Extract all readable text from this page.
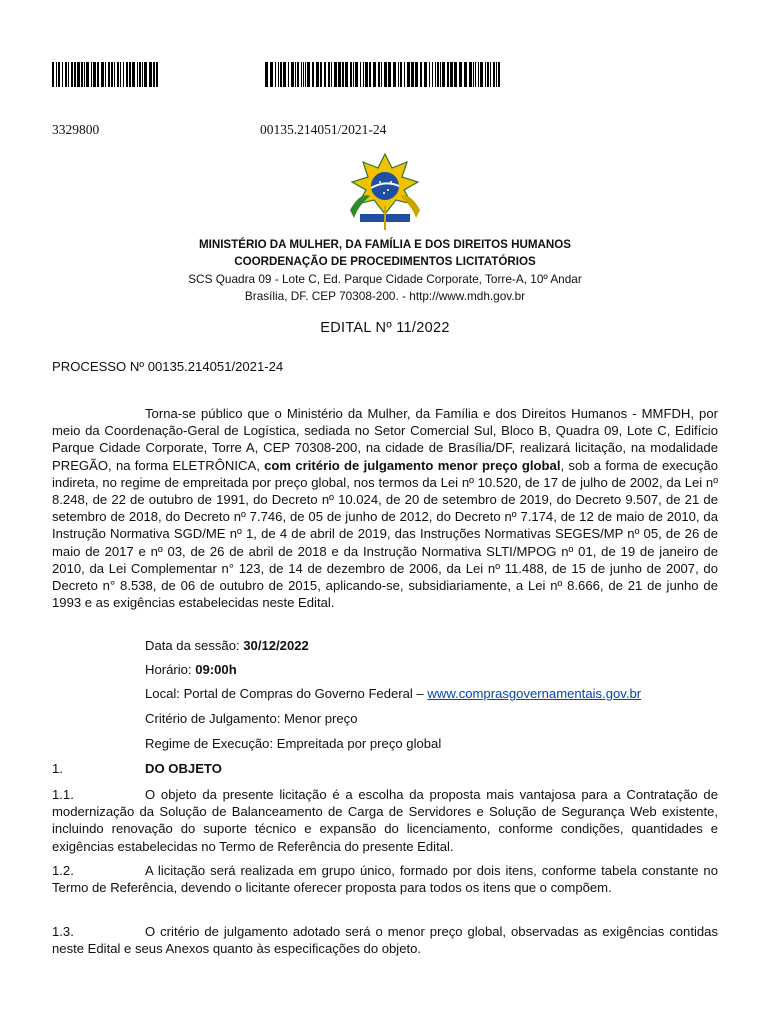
3329800	00135.214051/2021-24
MINISTÉRIO DA MULHER, DA FAMÍLIA E DOS DIREITOS HUMANOS
COORDENAÇÃO DE PROCEDIMENTOS LICITATÓRIOS
SCS Quadra 09 - Lote C, Ed. Parque Cidade Corporate, Torre-A, 10º Andar
Brasília, DF. CEP 70308-200. - http://www.mdh.gov.br
EDITAL Nº 11/2022
PROCESSO Nº 00135.214051/2021-24
Torna-se público que o Ministério da Mulher, da Família e dos Direitos Humanos - MMFDH, por meio da Coordenação-Geral de Logística, sediada no Setor Comercial Sul, Bloco B, Quadra 09, Lote C, Edifício Parque Cidade Corporate, Torre A, CEP 70308-200, na cidade de Brasília/DF, realizará licitação, na modalidade PREGÃO, na forma ELETRÔNICA, com critério de julgamento menor preço global, sob a forma de execução indireta, no regime de empreitada por preço global, nos termos da Lei nº 10.520, de 17 de julho de 2002, da Lei nº 8.248, de 22 de outubro de 1991, do Decreto nº 10.024, de 20 de setembro de 2019, do Decreto 9.507, de 21 de setembro de 2018, do Decreto nº 7.746, de 05 de junho de 2012, do Decreto nº 7.174, de 12 de maio de 2010, da Instrução Normativa SGD/ME nº 1, de 4 de abril de 2019, das Instruções Normativas SEGES/MP nº 05, de 26 de maio de 2017 e nº 03, de 26 de abril de 2018 e da Instrução Normativa SLTI/MPOG nº 01, de 19 de janeiro de 2010, da Lei Complementar n° 123, de 14 de dezembro de 2006, da Lei nº 11.488, de 15 de junho de 2007, do Decreto n° 8.538, de 06 de outubro de 2015, aplicando-se, subsidiariamente, a Lei nº 8.666, de 21 de junho de 1993 e as exigências estabelecidas neste Edital.
Data da sessão: 30/12/2022
Horário: 09:00h
Local: Portal de Compras do Governo Federal – www.comprasgovernamentais.gov.br
Critério de Julgamento: Menor preço
Regime de Execução: Empreitada por preço global
1.	DO OBJETO
1.1.	O objeto da presente licitação é a escolha da proposta mais vantajosa para a Contratação de modernização da Solução de Balanceamento de Carga de Servidores e Solução de Segurança Web existente, incluindo renovação do suporte técnico e expansão do licenciamento, conforme condições, quantidades e exigências estabelecidas no Termo de Referência do presente Edital.
1.2.	A licitação será realizada em grupo único, formado por dois itens, conforme tabela constante no Termo de Referência, devendo o licitante oferecer proposta para todos os itens que o compõem.
1.3.	O critério de julgamento adotado será o menor preço global, observadas as exigências contidas neste Edital e seus Anexos quanto às especificações do objeto.
